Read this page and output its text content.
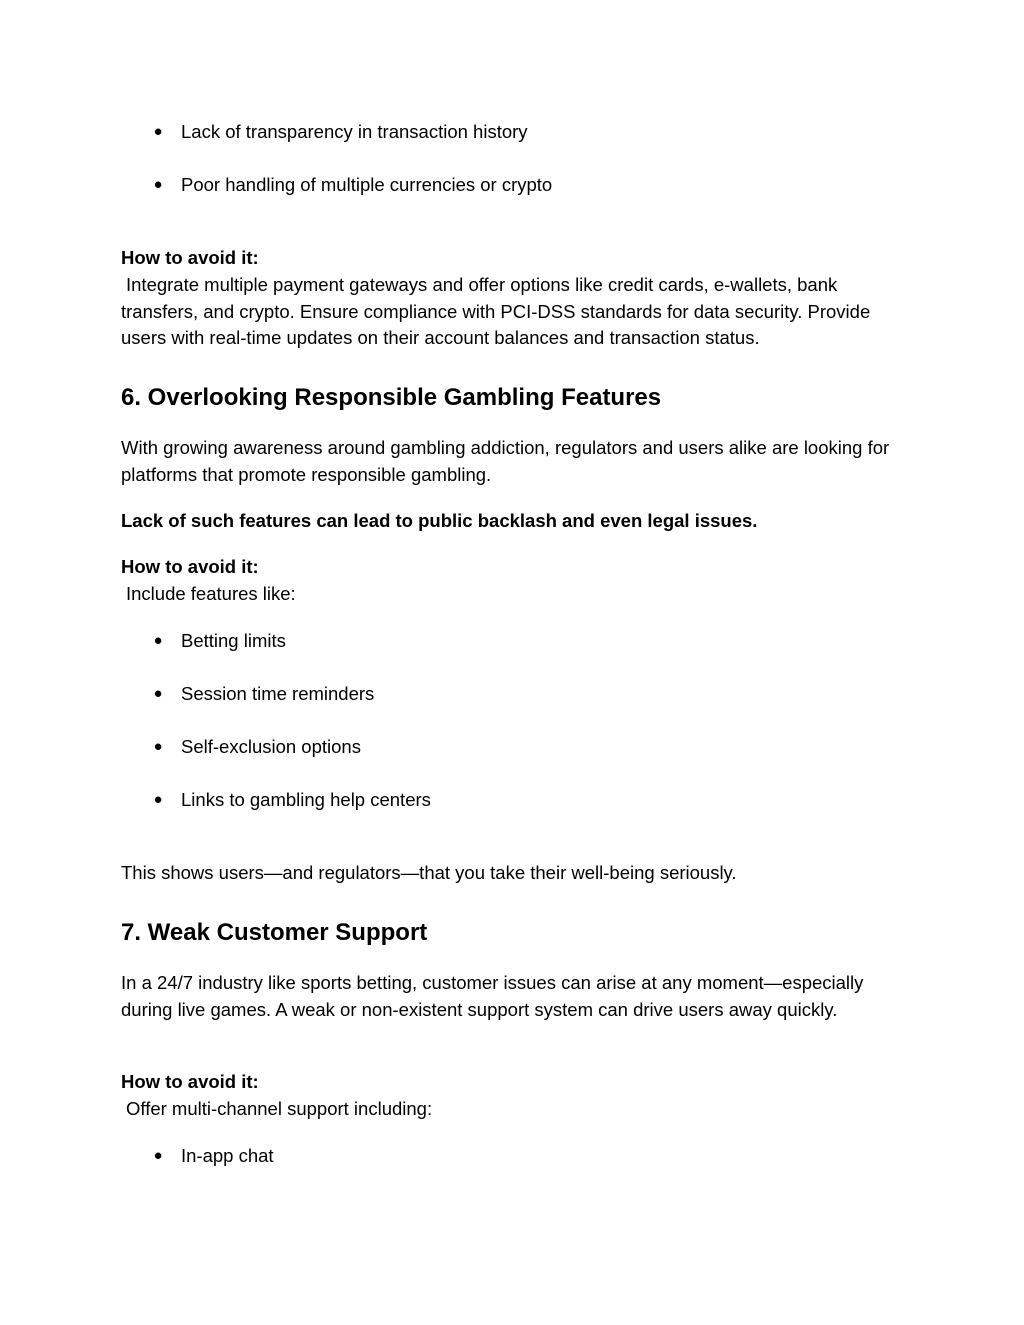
● Lack of transparency in transaction history
● Poor handling of multiple currencies or crypto
How to avoid it:

Integrate multiple payment gateways and offer options like credit cards, e-wallets, bank transfers, and crypto. Ensure compliance with PCI-DSS standards for data security. Provide users with real-time updates on their account balances and transaction status.

6. Overlooking Responsible Gambling Features

With growing awareness around gambling addiction, regulators and users alike are looking for platforms that promote responsible gambling.

Lack of such features can lead to public backlash and even legal issues.

How to avoid it:

Include features like:

● Betting limits
● Session time reminders
● Self-exclusion options
● Links to gambling help centers

This shows users—and regulators—that you take their well-being seriously.

7. Weak Customer Support

In a 24/7 industry like sports betting, customer issues can arise at any moment—especially during live games. A weak or non-existent support system can drive users away quickly.

How to avoid it:

Offer multi-channel support including:

● In-app chat
